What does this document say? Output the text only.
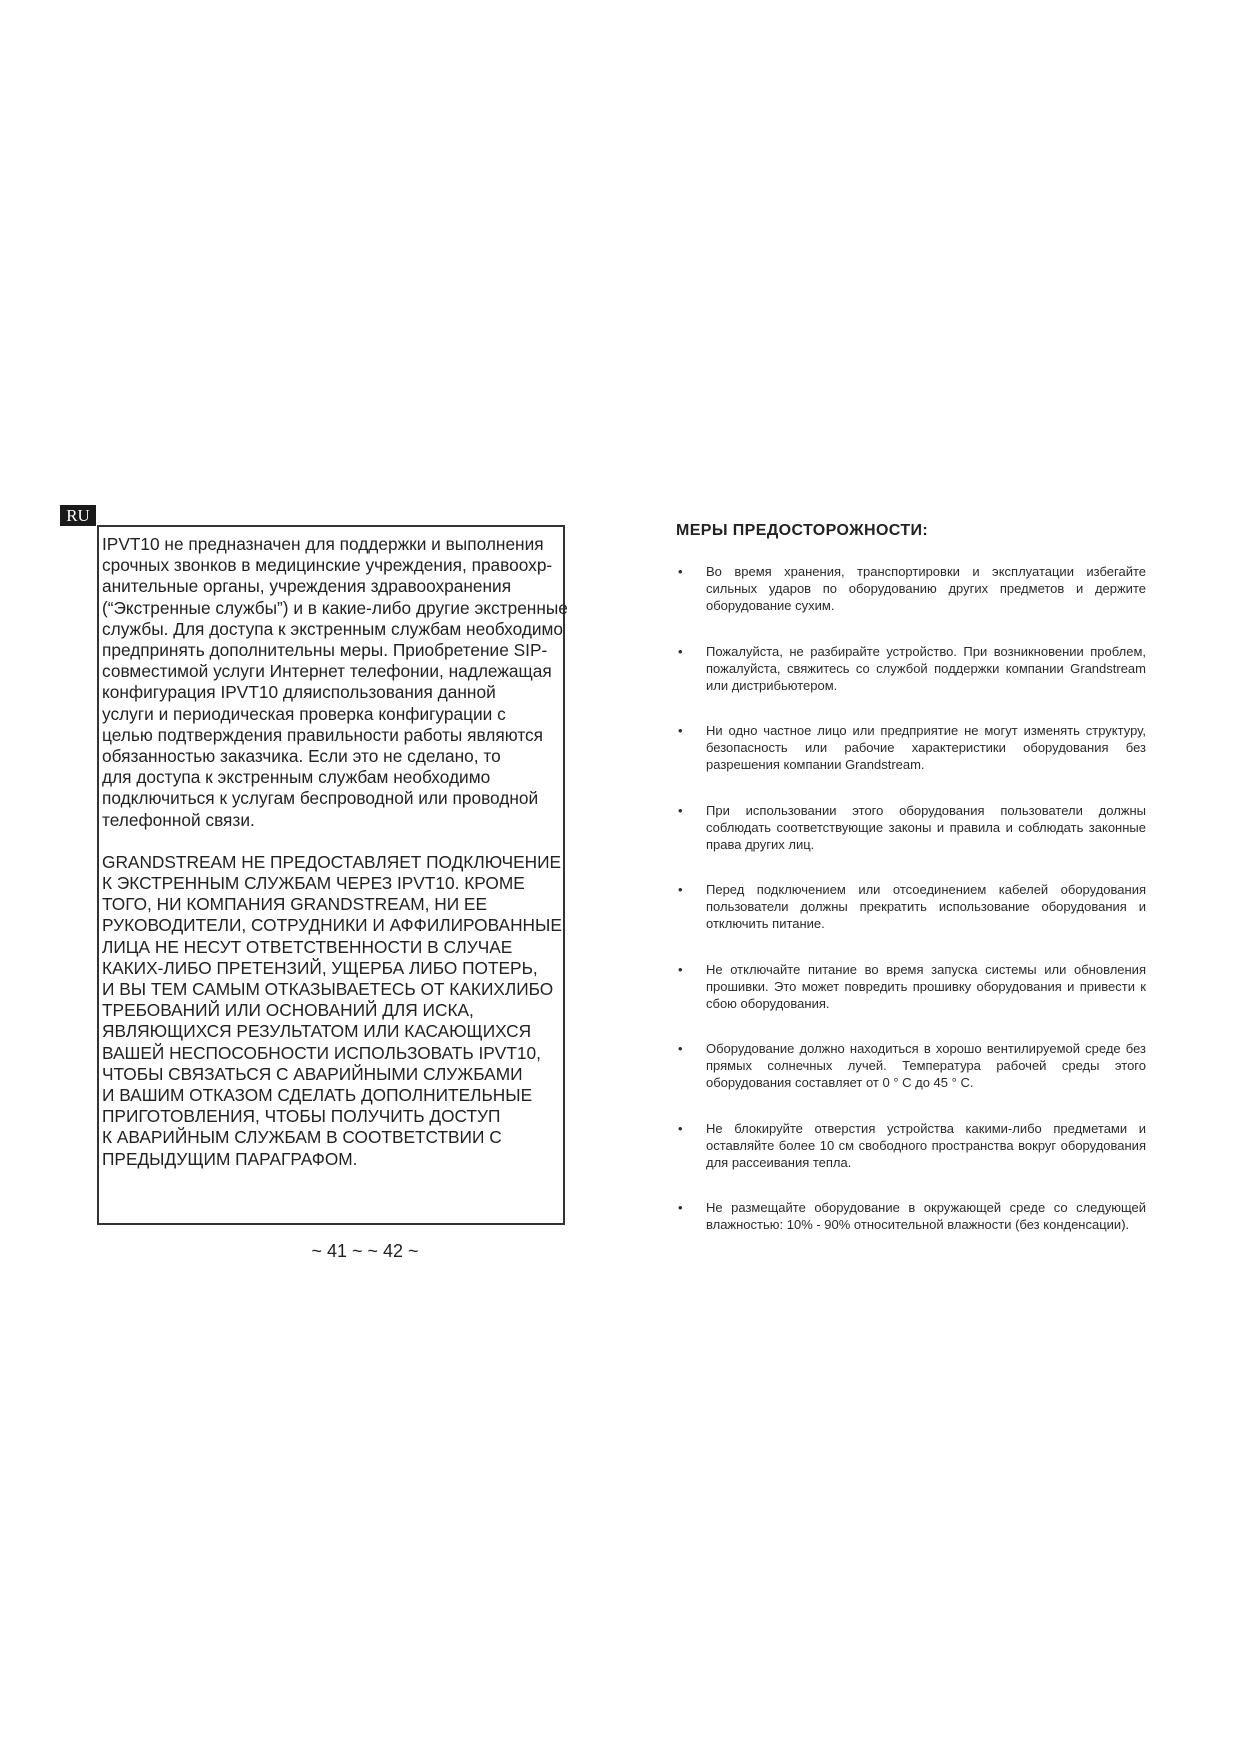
RU

IPVT10 не предназначен для поддержки и выполнения

срочных звонков в медицинские учреждения, правоохр-

анительные органы, учреждения здравоохранения

(“Экстренные службы”) и в какие-либо другие экстренные

службы. Для доступа к экстренным службам необходимо

предпринять дополнительны меры. Приобретение SIP-

совместимой услуги Интернет телефонии, надлежащая

конфигурация IPVT10 дляиспользования данной

услуги и периодическая проверка конфигурации с

целью подтверждения правильности работы являются

обязанностью заказчика. Если это не сделано, то

для доступа к экстренным службам необходимо

подключиться к услугам беспроводной или проводной

телефонной связи.

GRANDSTREAM НЕ ПРЕДОСТАВЛЯЕТ ПОДКЛЮЧЕНИЕ

К ЭКСТРЕННЫМ СЛУЖБАМ ЧЕРЕЗ IPVT10. КРОМЕ

ТОГО, НИ КОМПАНИЯ GRANDSTREAM, НИ ЕЕ

РУКОВОДИТЕЛИ, СОТРУДНИКИ И АФФИЛИРОВАННЫЕ

ЛИЦА НЕ НЕСУТ ОТВЕТСТВЕННОСТИ В СЛУЧАЕ

КАКИХ-ЛИБО ПРЕТЕНЗИЙ, УЩЕРБА ЛИБО ПОТЕРЬ,

И ВЫ ТЕМ САМЫМ ОТКАЗЫВАЕТЕСЬ ОТ КАКИХЛИБО

ТРЕБОВАНИЙ ИЛИ ОСНОВАНИЙ ДЛЯ ИСКА,

ЯВЛЯЮЩИХСЯ РЕЗУЛЬТАТОМ ИЛИ КАСАЮЩИХСЯ

ВАШЕЙ НЕСПОСОБНОСТИ ИСПОЛЬЗОВАТЬ IPVT10,

ЧТОБЫ СВЯЗАТЬСЯ С АВАРИЙНЫМИ СЛУЖБАМИ

И ВАШИМ ОТКАЗОМ СДЕЛАТЬ ДОПОЛНИТЕЛЬНЫЕ

ПРИГОТОВЛЕНИЯ, ЧТОБЫ ПОЛУЧИТЬ ДОСТУП

К АВАРИЙНЫМ СЛУЖБАМ В СООТВЕТСТВИИ С

ПРЕДЫДУЩИМ ПАРАГРАФОМ.

~ 41 ~ ~ 42 ~
МЕРЫ ПРЕДОСТОРОЖНОСТИ:
• Во время хранения, транспортировки и эксплуатации избегайте сильных ударов по оборудованию других предметов и держите оборудование сухим.
• Пожалуйста, не разбирайте устройство. При возникновении проблем, пожалуйста, свяжитесь со службой поддержки компании Grandstream или дистрибьютером.
• Ни одно частное лицо или предприятие не могут изменять структуру, безопасность или рабочие характеристики оборудования без разрешения компании Grandstream.
• При использовании этого оборудования пользователи должны соблюдать соответствующие законы и правила и соблюдать законные права других лиц.
• Перед подключением или отсоединением кабелей оборудования пользователи должны прекратить использование оборудования и отключить питание.
• Не отключайте питание во время запуска системы или обновления прошивки. Это может повредить прошивку оборудования и привести к сбою оборудования.
• Оборудование должно находиться в хорошо вентилируемой среде без прямых солнечных лучей. Температура рабочей среды этого оборудования составляет от 0 ° C до 45 ° C.
• Не блокируйте отверстия устройства какими-либо предметами и оставляйте более 10 см свободного пространства вокруг оборудования для рассеивания тепла.
• Не размещайте оборудование в окружающей среде со следующей влажностью: 10% - 90% относительной влажности (без конденсации).
